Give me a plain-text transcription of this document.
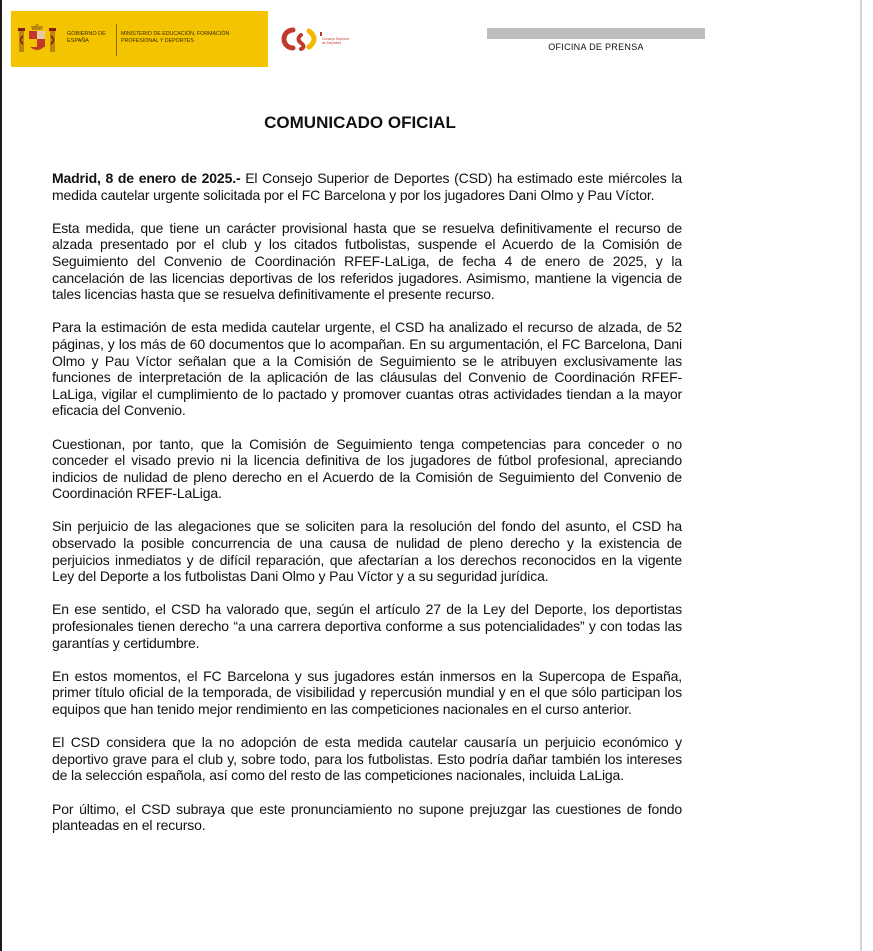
GOBIERNO DE ESPAÑA
MINISTERIO DE EDUCACIÓN, FORMACIÓN PROFESIONAL Y DEPORTES	Consejo Superior de Deportes	OFICINA DE PRENSA
COMUNICADO OFICIAL

Madrid, 8 de enero de 2025.- El Consejo Superior de Deportes (CSD) ha estimado este miércoles la medida cautelar urgente solicitada por el FC Barcelona y por los jugadores Dani Olmo y Pau Víctor.

Esta medida, que tiene un carácter provisional hasta que se resuelva definitivamente el recurso de alzada presentado por el club y los citados futbolistas, suspende el Acuerdo de la Comisión de Seguimiento del Convenio de Coordinación RFEF-LaLiga, de fecha 4 de enero de 2025, y la cancelación de las licencias deportivas de los referidos jugadores. Asimismo, mantiene la vigencia de tales licencias hasta que se resuelva definitivamente el presente recurso.

Para la estimación de esta medida cautelar urgente, el CSD ha analizado el recurso de alzada, de 52 páginas, y los más de 60 documentos que lo acompañan. En su argumentación, el FC Barcelona, Dani Olmo y Pau Víctor señalan que a la Comisión de Seguimiento se le atribuyen exclusivamente las funciones de interpretación de la aplicación de las cláusulas del Convenio de Coordinación RFEF-LaLiga, vigilar el cumplimiento de lo pactado y promover cuantas otras actividades tiendan a la mayor eficacia del Convenio.

Cuestionan, por tanto, que la Comisión de Seguimiento tenga competencias para conceder o no conceder el visado previo ni la licencia definitiva de los jugadores de fútbol profesional, apreciando indicios de nulidad de pleno derecho en el Acuerdo de la Comisión de Seguimiento del Convenio de Coordinación RFEF-LaLiga.

Sin perjuicio de las alegaciones que se soliciten para la resolución del fondo del asunto, el CSD ha observado la posible concurrencia de una causa de nulidad de pleno derecho y la existencia de perjuicios inmediatos y de difícil reparación, que afectarían a los derechos reconocidos en la vigente Ley del Deporte a los futbolistas Dani Olmo y Pau Víctor y a su seguridad jurídica.

En ese sentido, el CSD ha valorado que, según el artículo 27 de la Ley del Deporte, los deportistas profesionales tienen derecho “a una carrera deportiva conforme a sus potencialidades” y con todas las garantías y certidumbre.

En estos momentos, el FC Barcelona y sus jugadores están inmersos en la Supercopa de España, primer título oficial de la temporada, de visibilidad y repercusión mundial y en el que sólo participan los equipos que han tenido mejor rendimiento en las competiciones nacionales en el curso anterior.

El CSD considera que la no adopción de esta medida cautelar causaría un perjuicio económico y deportivo grave para el club y, sobre todo, para los futbolistas. Esto podría dañar también los intereses de la selección española, así como del resto de las competiciones nacionales, incluida LaLiga.

Por último, el CSD subraya que este pronunciamiento no supone prejuzgar las cuestiones de fondo planteadas en el recurso.
